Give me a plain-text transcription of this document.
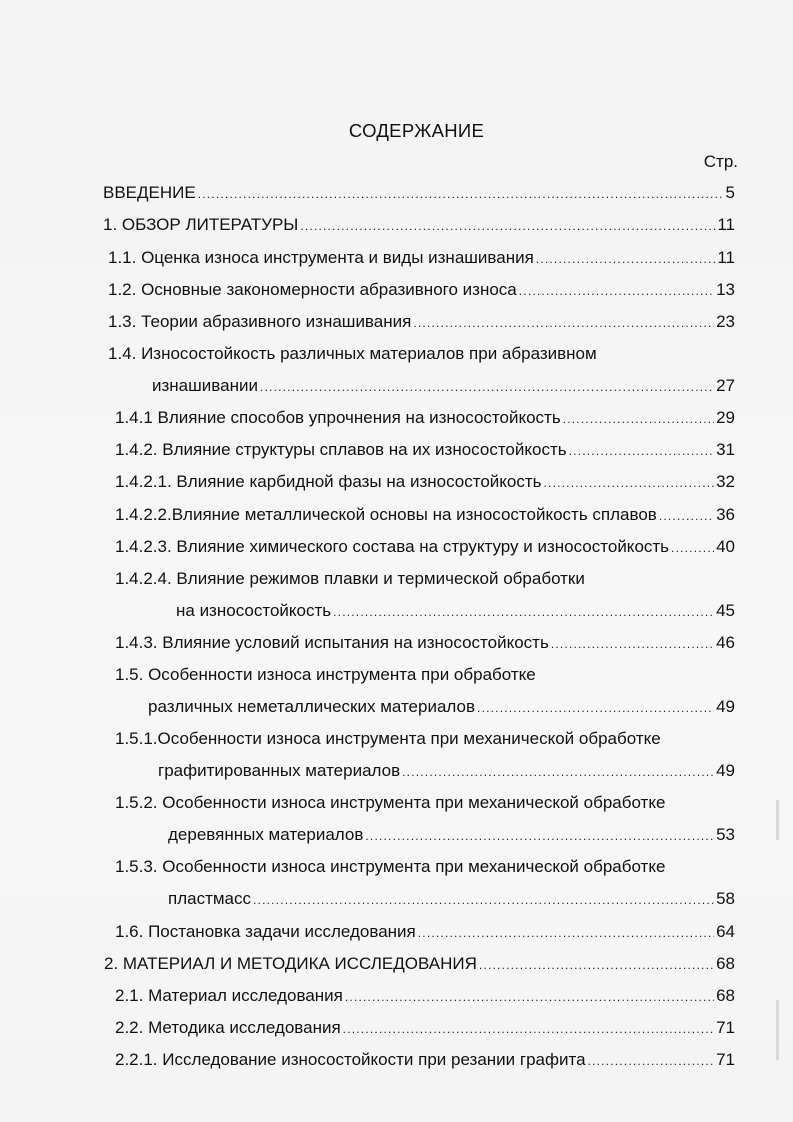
СОДЕРЖАНИЕ
Стр.
ВВЕДЕНИЕ .....	5
1. ОБЗОР ЛИТЕРАТУРЫ .....	11
1.1. Оценка износа инструмента и виды изнашивания .....	11
1.2. Основные закономерности абразивного износа .....	13
1.3. Теории абразивного изнашивания .....	23
1.4. Износостойкость различных материалов при абразивном
изнашивании .....	27
1.4.1 Влияние способов упрочнения на износостойкость .....	29
1.4.2. Влияние структуры сплавов на их износостойкость .....	31
1.4.2.1. Влияние карбидной фазы на износостойкость .....	32
1.4.2.2.Влияние металлической основы на износостойкость сплавов .....	36
1.4.2.3. Влияние химического состава на структуру и износостойкость .....	40
1.4.2.4. Влияние режимов плавки и термической обработки
на износостойкость .....	45
1.4.3. Влияние условий испытания на износостойкость .....	46
1.5. Особенности износа инструмента при обработке
различных неметаллических материалов .....	49
1.5.1.Особенности износа инструмента при механической обработке
графитированных материалов .....	49
1.5.2. Особенности износа инструмента при механической обработке
деревянных материалов .....	53
1.5.3. Особенности износа инструмента при механической обработке
пластмасс .....	58
1.6. Постановка задачи исследования .....	64
2. МАТЕРИАЛ И МЕТОДИКА ИССЛЕДОВАНИЯ .....	68
2.1. Материал исследования .....	68
2.2. Методика исследования .....	71
2.2.1. Исследование износостойкости при резании графита .....	71
